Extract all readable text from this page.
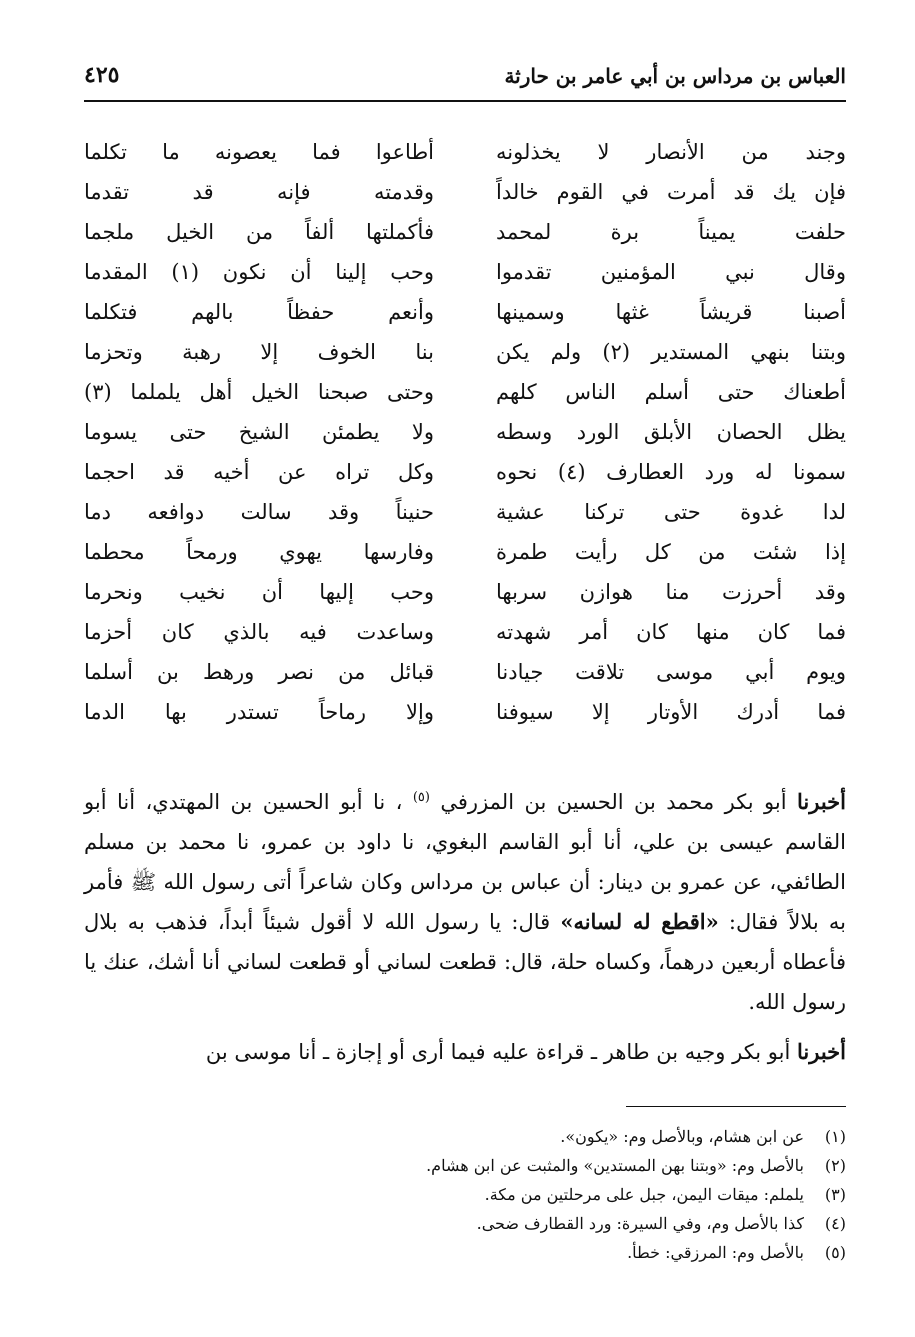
العباس بن مرداس بن أبي عامر بن حارثة
٤٢٥
وجند من الأنصار لا يخذلونه
أطاعوا فما يعصونه ما تكلما
فإن يك قد أمرت في القوم خالداً
وقدمته فإنه قد تقدما
حلفت يميناً برة لمحمد
فأكملتها ألفاً من الخيل ملجما
وقال نبي المؤمنين تقدموا
وحب إلينا أن نكون (١) المقدما
أصبنا قريشاً غثها وسمينها
وأنعم حفظاً بالهم فتكلما
وبتنا بنهي المستدير (٢) ولم يكن
بنا الخوف إلا رهبة وتحزما
أطعناك حتى أسلم الناس كلهم
وحتى صبحنا الخيل أهل يلملما (٣)
يظل الحصان الأبلق الورد وسطه
ولا يطمئن الشيخ حتى يسوما
سمونا له ورد العطارف (٤) نحوه
وكل تراه عن أخيه قد احجما
لدا غدوة حتى تركنا عشية
حنيناً وقد سالت دوافعه دما
إذا شئت من كل رأيت طمرة
وفارسها يهوي ورمحاً محطما
وقد أحرزت منا هوازن سربها
وحب إليها أن نخيب ونحرما
فما كان منها كان أمر شهدته
وساعدت فيه بالذي كان أحزما
ويوم أبي موسى تلاقت جيادنا
قبائل من نصر ورهط بن أسلما
فما أدرك الأوتار إلا سيوفنا
وإلا رماحاً تستدر بها الدما

أخبرنا أبو بكر محمد بن الحسين بن المزرفي $^{(٥)}$ ، نا أبو الحسين بن المهتدي، أنا أبو القاسم عيسى بن علي، أنا أبو القاسم البغوي، نا داود بن عمرو، نا محمد بن مسلم الطائفي، عن عمرو بن دينار: أن عباس بن مرداس وكان شاعراً أتى رسول الله ﷺ فأمر به بلالاً فقال: «اقطع له لسانه» قال: يا رسول الله لا أقول شيئاً أبداً، فذهب به بلال فأعطاه أربعين درهماً، وكساه حلة، قال: قطعت لساني أو قطعت لساني أنا أشك، عنك يا رسول الله.

أخبرنا أبو بكر وجيه بن طاهر ـ قراءة عليه فيما أرى أو إجازة ـ أنا موسى بن

(١)عن ابن هشام، وبالأصل وم: «يكون».
(٢)بالأصل وم: «وبتنا بهن المستدين» والمثبت عن ابن هشام.
(٣)يلملم: ميقات اليمن، جبل على مرحلتين من مكة.
(٤)كذا بالأصل وم، وفي السيرة: ورد القطارف ضحى.
(٥)بالأصل وم: المرزقي: خطأ.
